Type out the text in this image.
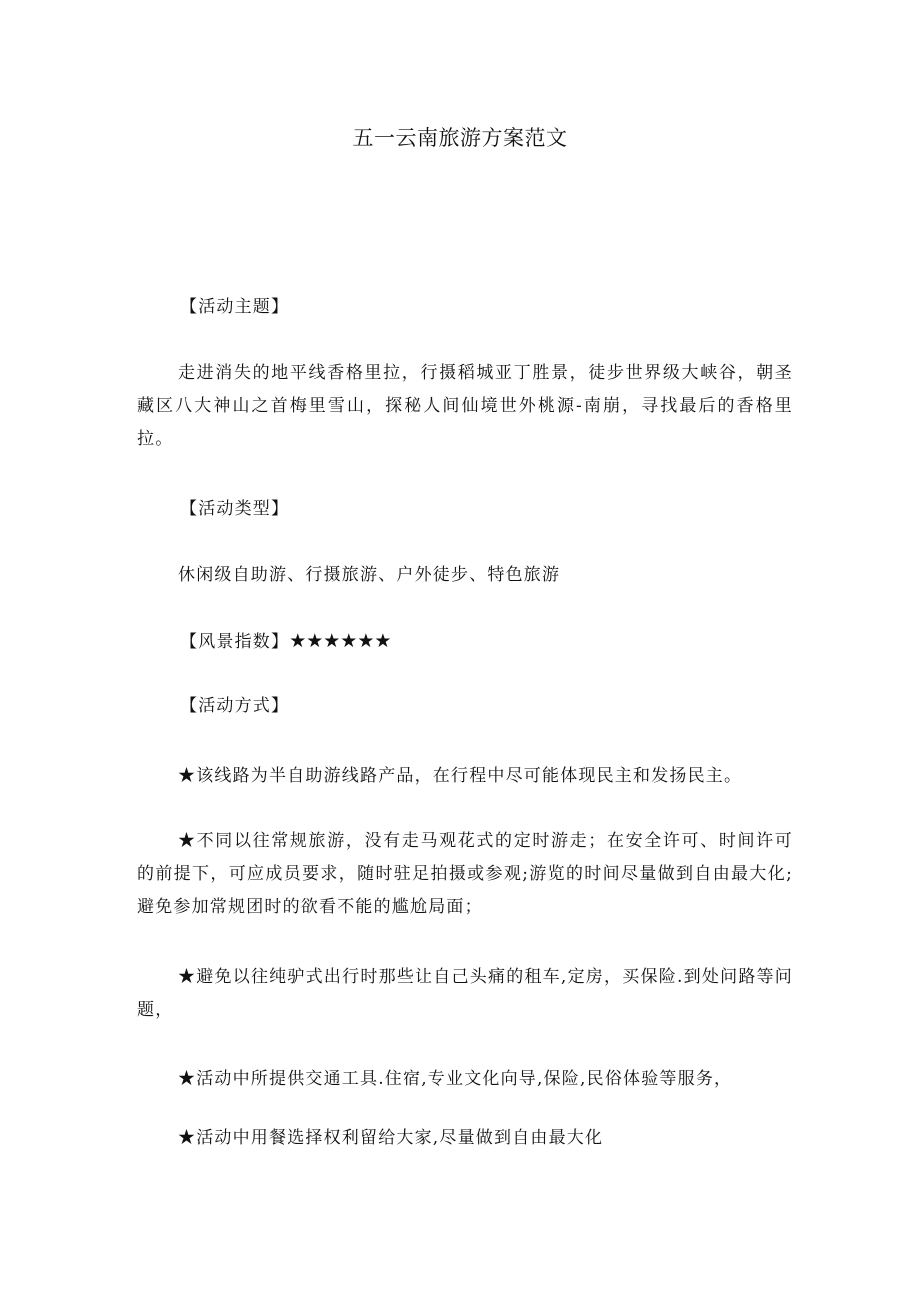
五一云南旅游方案范文
【活动主题】
走进消失的地平线香格里拉，行摄稻城亚丁胜景，徒步世界级大峡谷，朝圣藏区八大神山之首梅里雪山，探秘人间仙境世外桃源-南崩，寻找最后的香格里拉。
【活动类型】
休闲级自助游、行摄旅游、户外徒步、特色旅游
【风景指数】★★★★★★
【活动方式】
★该线路为半自助游线路产品，在行程中尽可能体现民主和发扬民主。
★不同以往常规旅游，没有走马观花式的定时游走；在安全许可、时间许可的前提下，可应成员要求，随时驻足拍摄或参观;游览的时间尽量做到自由最大化;避免参加常规团时的欲看不能的尴尬局面；
★避免以往纯驴式出行时那些让自己头痛的租车,定房，买保险.到处问路等问题，
★活动中所提供交通工具.住宿,专业文化向导,保险,民俗体验等服务，
★活动中用餐选择权利留给大家,尽量做到自由最大化
